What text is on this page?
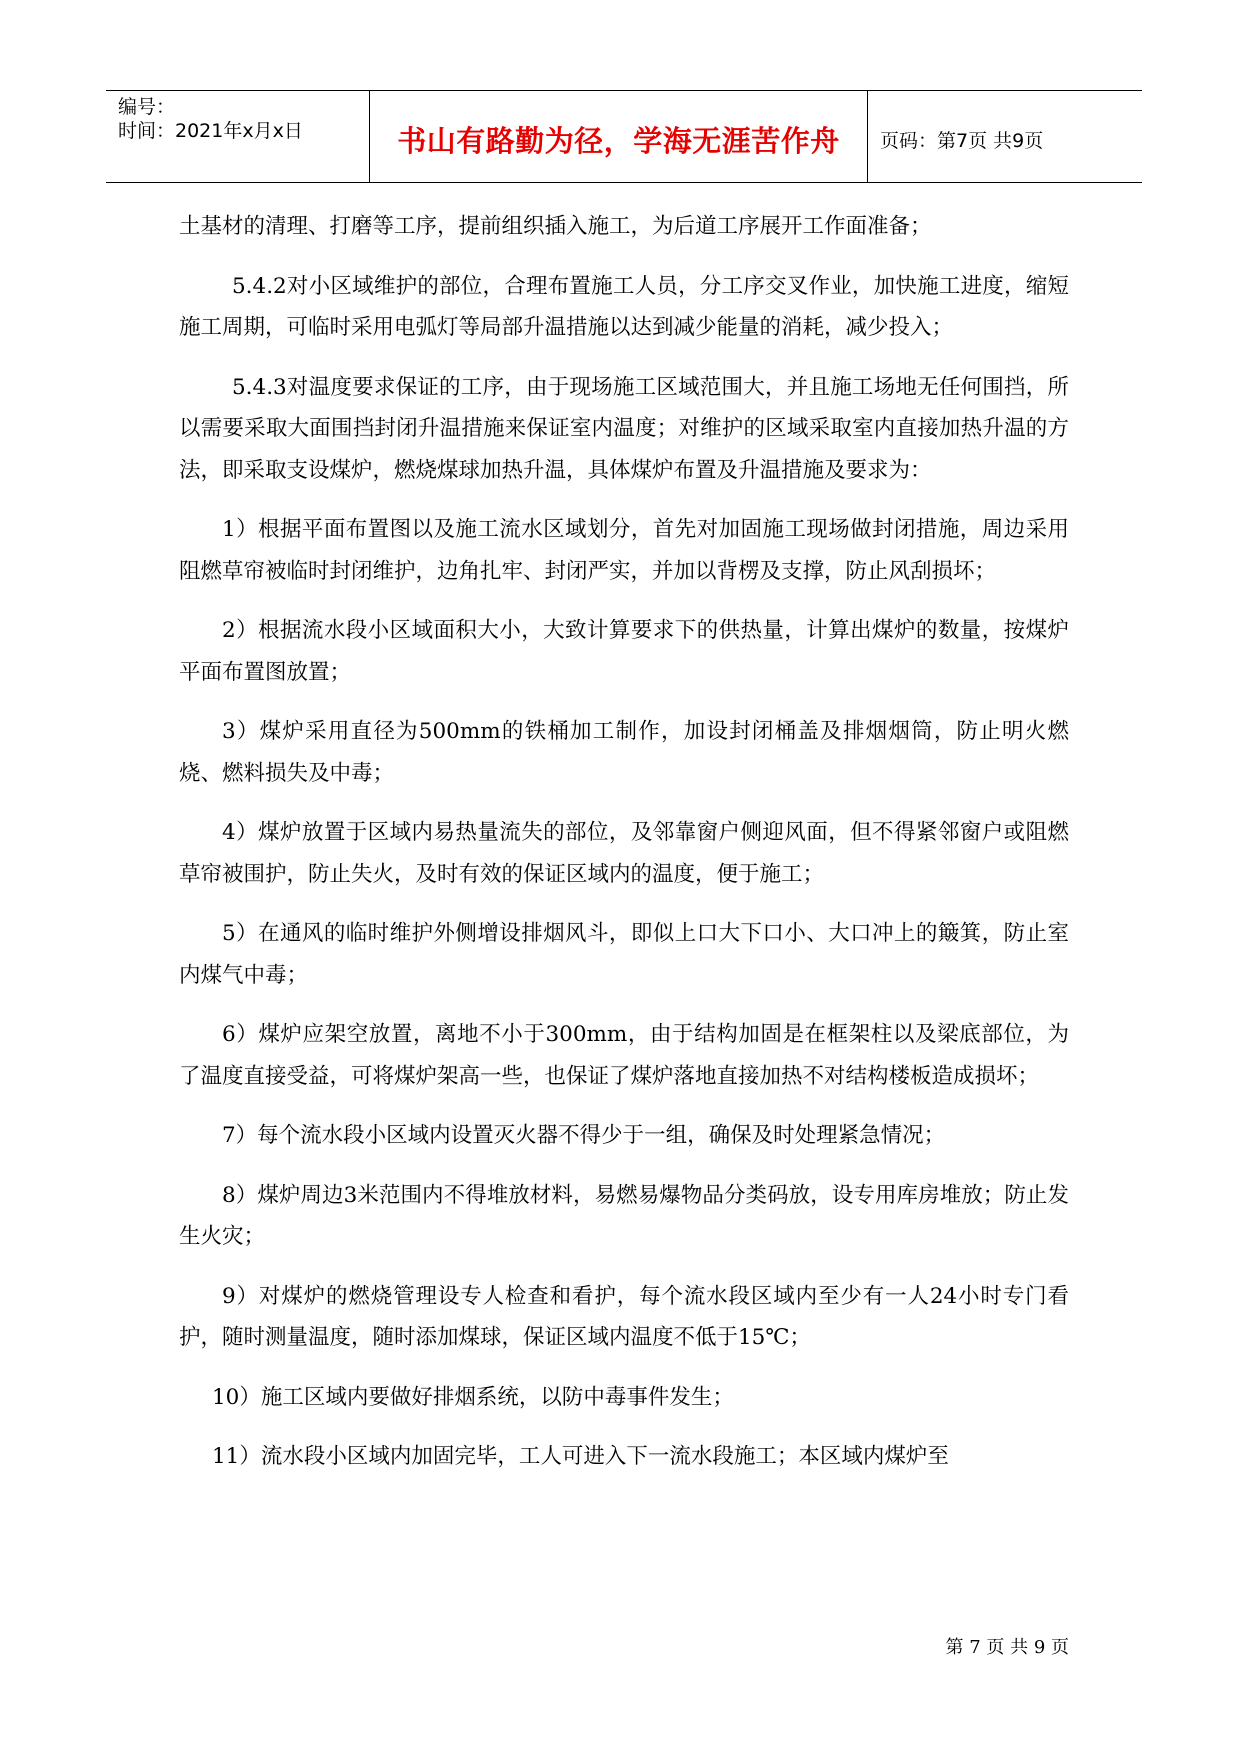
编号：
时间：2021年x月x日	书山有路勤为径，学海无涯苦作舟	页码：第7页 共9页

土基材的清理、打磨等工序，提前组织插入施工，为后道工序展开工作面准备；

5.4.2对小区域维护的部位，合理布置施工人员，分工序交叉作业，加快施工进度，缩短施工周期，可临时采用电弧灯等局部升温措施以达到减少能量的消耗，减少投入；

5.4.3对温度要求保证的工序，由于现场施工区域范围大，并且施工场地无任何围挡，所以需要采取大面围挡封闭升温措施来保证室内温度；对维护的区域采取室内直接加热升温的方法，即采取支设煤炉，燃烧煤球加热升温，具体煤炉布置及升温措施及要求为：

1）根据平面布置图以及施工流水区域划分，首先对加固施工现场做封闭措施，周边采用阻燃草帘被临时封闭维护，边角扎牢、封闭严实，并加以背楞及支撑，防止风刮损坏；

2）根据流水段小区域面积大小，大致计算要求下的供热量，计算出煤炉的数量，按煤炉平面布置图放置；

3）煤炉采用直径为500mm的铁桶加工制作，加设封闭桶盖及排烟烟筒，防止明火燃烧、燃料损失及中毒；

4）煤炉放置于区域内易热量流失的部位，及邻靠窗户侧迎风面，但不得紧邻窗户或阻燃草帘被围护，防止失火，及时有效的保证区域内的温度，便于施工；

5）在通风的临时维护外侧增设排烟风斗，即似上口大下口小、大口冲上的簸箕，防止室内煤气中毒；

6）煤炉应架空放置，离地不小于300mm，由于结构加固是在框架柱以及梁底部位，为了温度直接受益，可将煤炉架高一些，也保证了煤炉落地直接加热不对结构楼板造成损坏；

7）每个流水段小区域内设置灭火器不得少于一组，确保及时处理紧急情况；

8）煤炉周边3米范围内不得堆放材料，易燃易爆物品分类码放，设专用库房堆放；防止发生火灾；

9）对煤炉的燃烧管理设专人检查和看护，每个流水段区域内至少有一人24小时专门看护，随时测量温度，随时添加煤球，保证区域内温度不低于15℃；

10）施工区域内要做好排烟系统，以防中毒事件发生；

11）流水段小区域内加固完毕，工人可进入下一流水段施工；本区域内煤炉至

第 7 页 共 9 页
